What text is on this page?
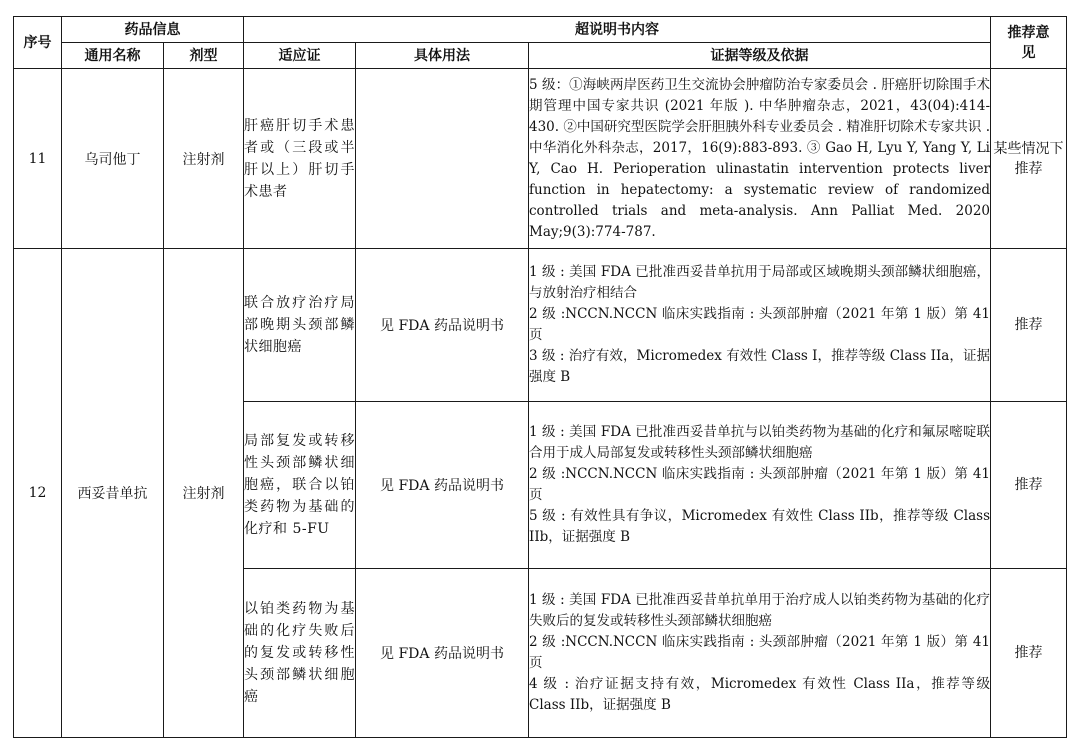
序号	药品信息		超说明书内容			推荐意见
	通用名称	剂型	适应证	具体用法	证据等级及依据	
11	乌司他丁	注射剂	肝癌肝切手术患者或（三段或半肝以上）肝切手术患者		5 级：①海峡两岸医药卫生交流协会肿瘤防治专家委员会 . 肝癌肝切除围手术期管理中国专家共识 (2021 年版 ). 中华肿瘤杂志，2021，43(04):414-430. ②中国研究型医院学会肝胆胰外科专业委员会 . 精准肝切除术专家共识 . 中华消化外科杂志，2017，16(9):883-893. ③ Gao H, Lyu Y, Yang Y, Li Y, Cao H. Perioperation ulinastatin intervention protects liver function in hepatectomy: a systematic review of randomized controlled trials and meta-analysis. Ann Palliat Med. 2020 May;9(3):774-787.	某些情况下推荐
12	西妥昔单抗	注射剂	联合放疗治疗局部晚期头颈部鳞状细胞癌	见 FDA 药品说明书	1 级 : 美国 FDA 已批准西妥昔单抗用于局部或区域晚期头颈部鳞状细胞癌，与放射治疗相结合
2 级 :NCCN.NCCN 临床实践指南 : 头颈部肿瘤（2021 年第 1 版）第 41 页
3 级 : 治疗有效，Micromedex 有效性 Class I，推荐等级 Class IIa，证据强度 B	推荐
			局部复发或转移性头颈部鳞状细胞癌，联合以铂类药物为基础的化疗和 5-FU	见 FDA 药品说明书	1 级 : 美国 FDA 已批准西妥昔单抗与以铂类药物为基础的化疗和氟尿嘧啶联合用于成人局部复发或转移性头颈部鳞状细胞癌
2 级 :NCCN.NCCN 临床实践指南 : 头颈部肿瘤（2021 年第 1 版）第 41 页
5 级 : 有效性具有争议，Micromedex 有效性 Class IIb，推荐等级 Class IIb，证据强度 B	推荐
			以铂类药物为基础的化疗失败后的复发或转移性头颈部鳞状细胞癌	见 FDA 药品说明书	1 级 : 美国 FDA 已批准西妥昔单抗单用于治疗成人以铂类药物为基础的化疗失败后的复发或转移性头颈部鳞状细胞癌
2 级 :NCCN.NCCN 临床实践指南 : 头颈部肿瘤（2021 年第 1 版）第 41 页
4 级 : 治疗证据支持有效，Micromedex 有效性 Class IIa，推荐等级 Class IIb，证据强度 B	推荐
